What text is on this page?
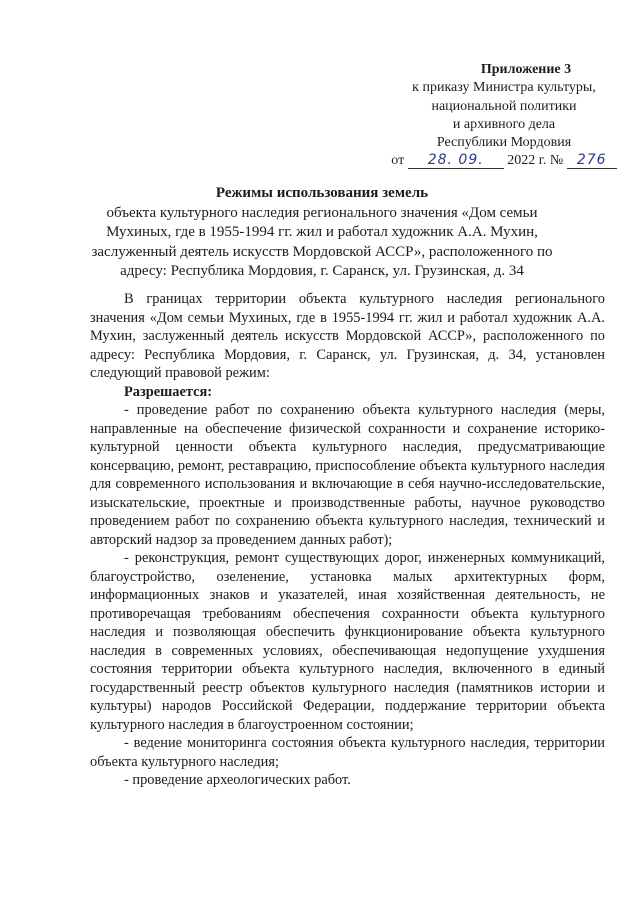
Приложение 3
к приказу Министра культуры,
национальной политики
и архивного дела
Республики Мордовия
от 28. 09. 2022 г. № 276
Режимы использования земель
объекта культурного наследия регионального значения «Дом семьи Мухиных, где в 1955-1994 гг. жил и работал художник А.А. Мухин, заслуженный деятель искусств Мордовской АССР», расположенного по адресу: Республика Мордовия, г. Саранск, ул. Грузинская, д. 34

В границах территории объекта культурного наследия регионального значения «Дом семьи Мухиных, где в 1955-1994 гг. жил и работал художник А.А. Мухин, заслуженный деятель искусств Мордовской АССР», расположенного по адресу: Республика Мордовия, г. Саранск, ул. Грузинская, д. 34, установлен следующий правовой режим:

Разрешается:

- проведение работ по сохранению объекта культурного наследия (меры, направленные на обеспечение физической сохранности и сохранение историко-культурной ценности объекта культурного наследия, предусматривающие консервацию, ремонт, реставрацию, приспособление объекта культурного наследия для современного использования и включающие в себя научно-исследовательские, изыскательские, проектные и производственные работы, научное руководство проведением работ по сохранению объекта культурного наследия, технический и авторский надзор за проведением данных работ);

- реконструкция, ремонт существующих дорог, инженерных коммуникаций, благоустройство, озеленение, установка малых архитектурных форм, информационных знаков и указателей, иная хозяйственная деятельность, не противоречащая требованиям обеспечения сохранности объекта культурного наследия и позволяющая обеспечить функционирование объекта культурного наследия в современных условиях, обеспечивающая недопущение ухудшения состояния территории объекта культурного наследия, включенного в единый государственный реестр объектов культурного наследия (памятников истории и культуры) народов Российской Федерации, поддержание территории объекта культурного наследия в благоустроенном состоянии;

- ведение мониторинга состояния объекта культурного наследия, территории объекта культурного наследия;

- проведение археологических работ.
